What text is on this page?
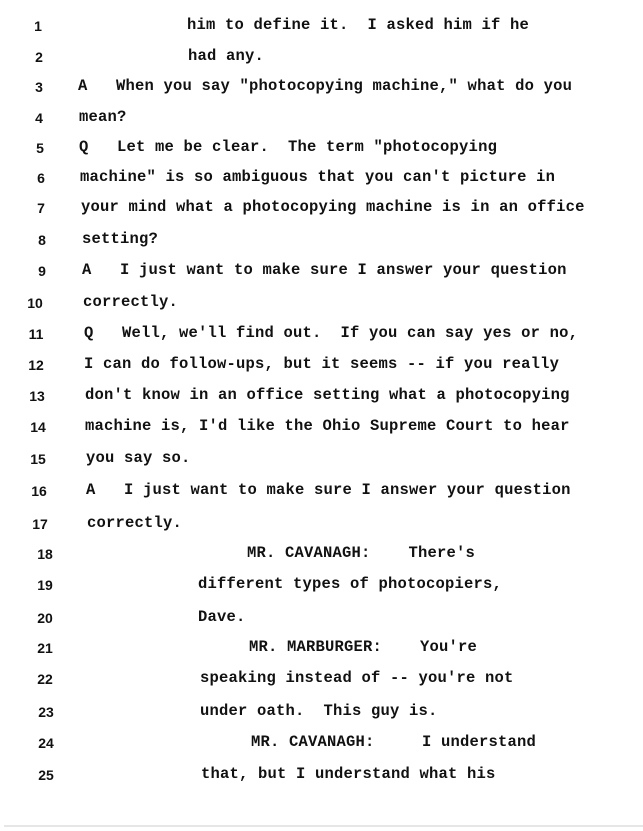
1	him to define it.  I asked him if he
2	had any.
3	A   When you say "photocopying machine," what do you
4	mean?
5	Q   Let me be clear.  The term "photocopying
6	machine" is so ambiguous that you can't picture in
7	your mind what a photocopying machine is in an office
8	setting?
9	A   I just want to make sure I answer your question
10	correctly.
11	Q   Well, we'll find out.  If you can say yes or no,
12	I can do follow-ups, but it seems -- if you really
13	don't know in an office setting what a photocopying
14	machine is, I'd like the Ohio Supreme Court to hear
15	you say so.
16	A   I just want to make sure I answer your question
17	correctly.
18	MR. CAVANAGH:    There's
19	different types of photocopiers,
20	Dave.
21	MR. MARBURGER:    You're
22	speaking instead of -- you're not
23	under oath.  This guy is.
24	MR. CAVANAGH:     I understand
25	that, but I understand what his
